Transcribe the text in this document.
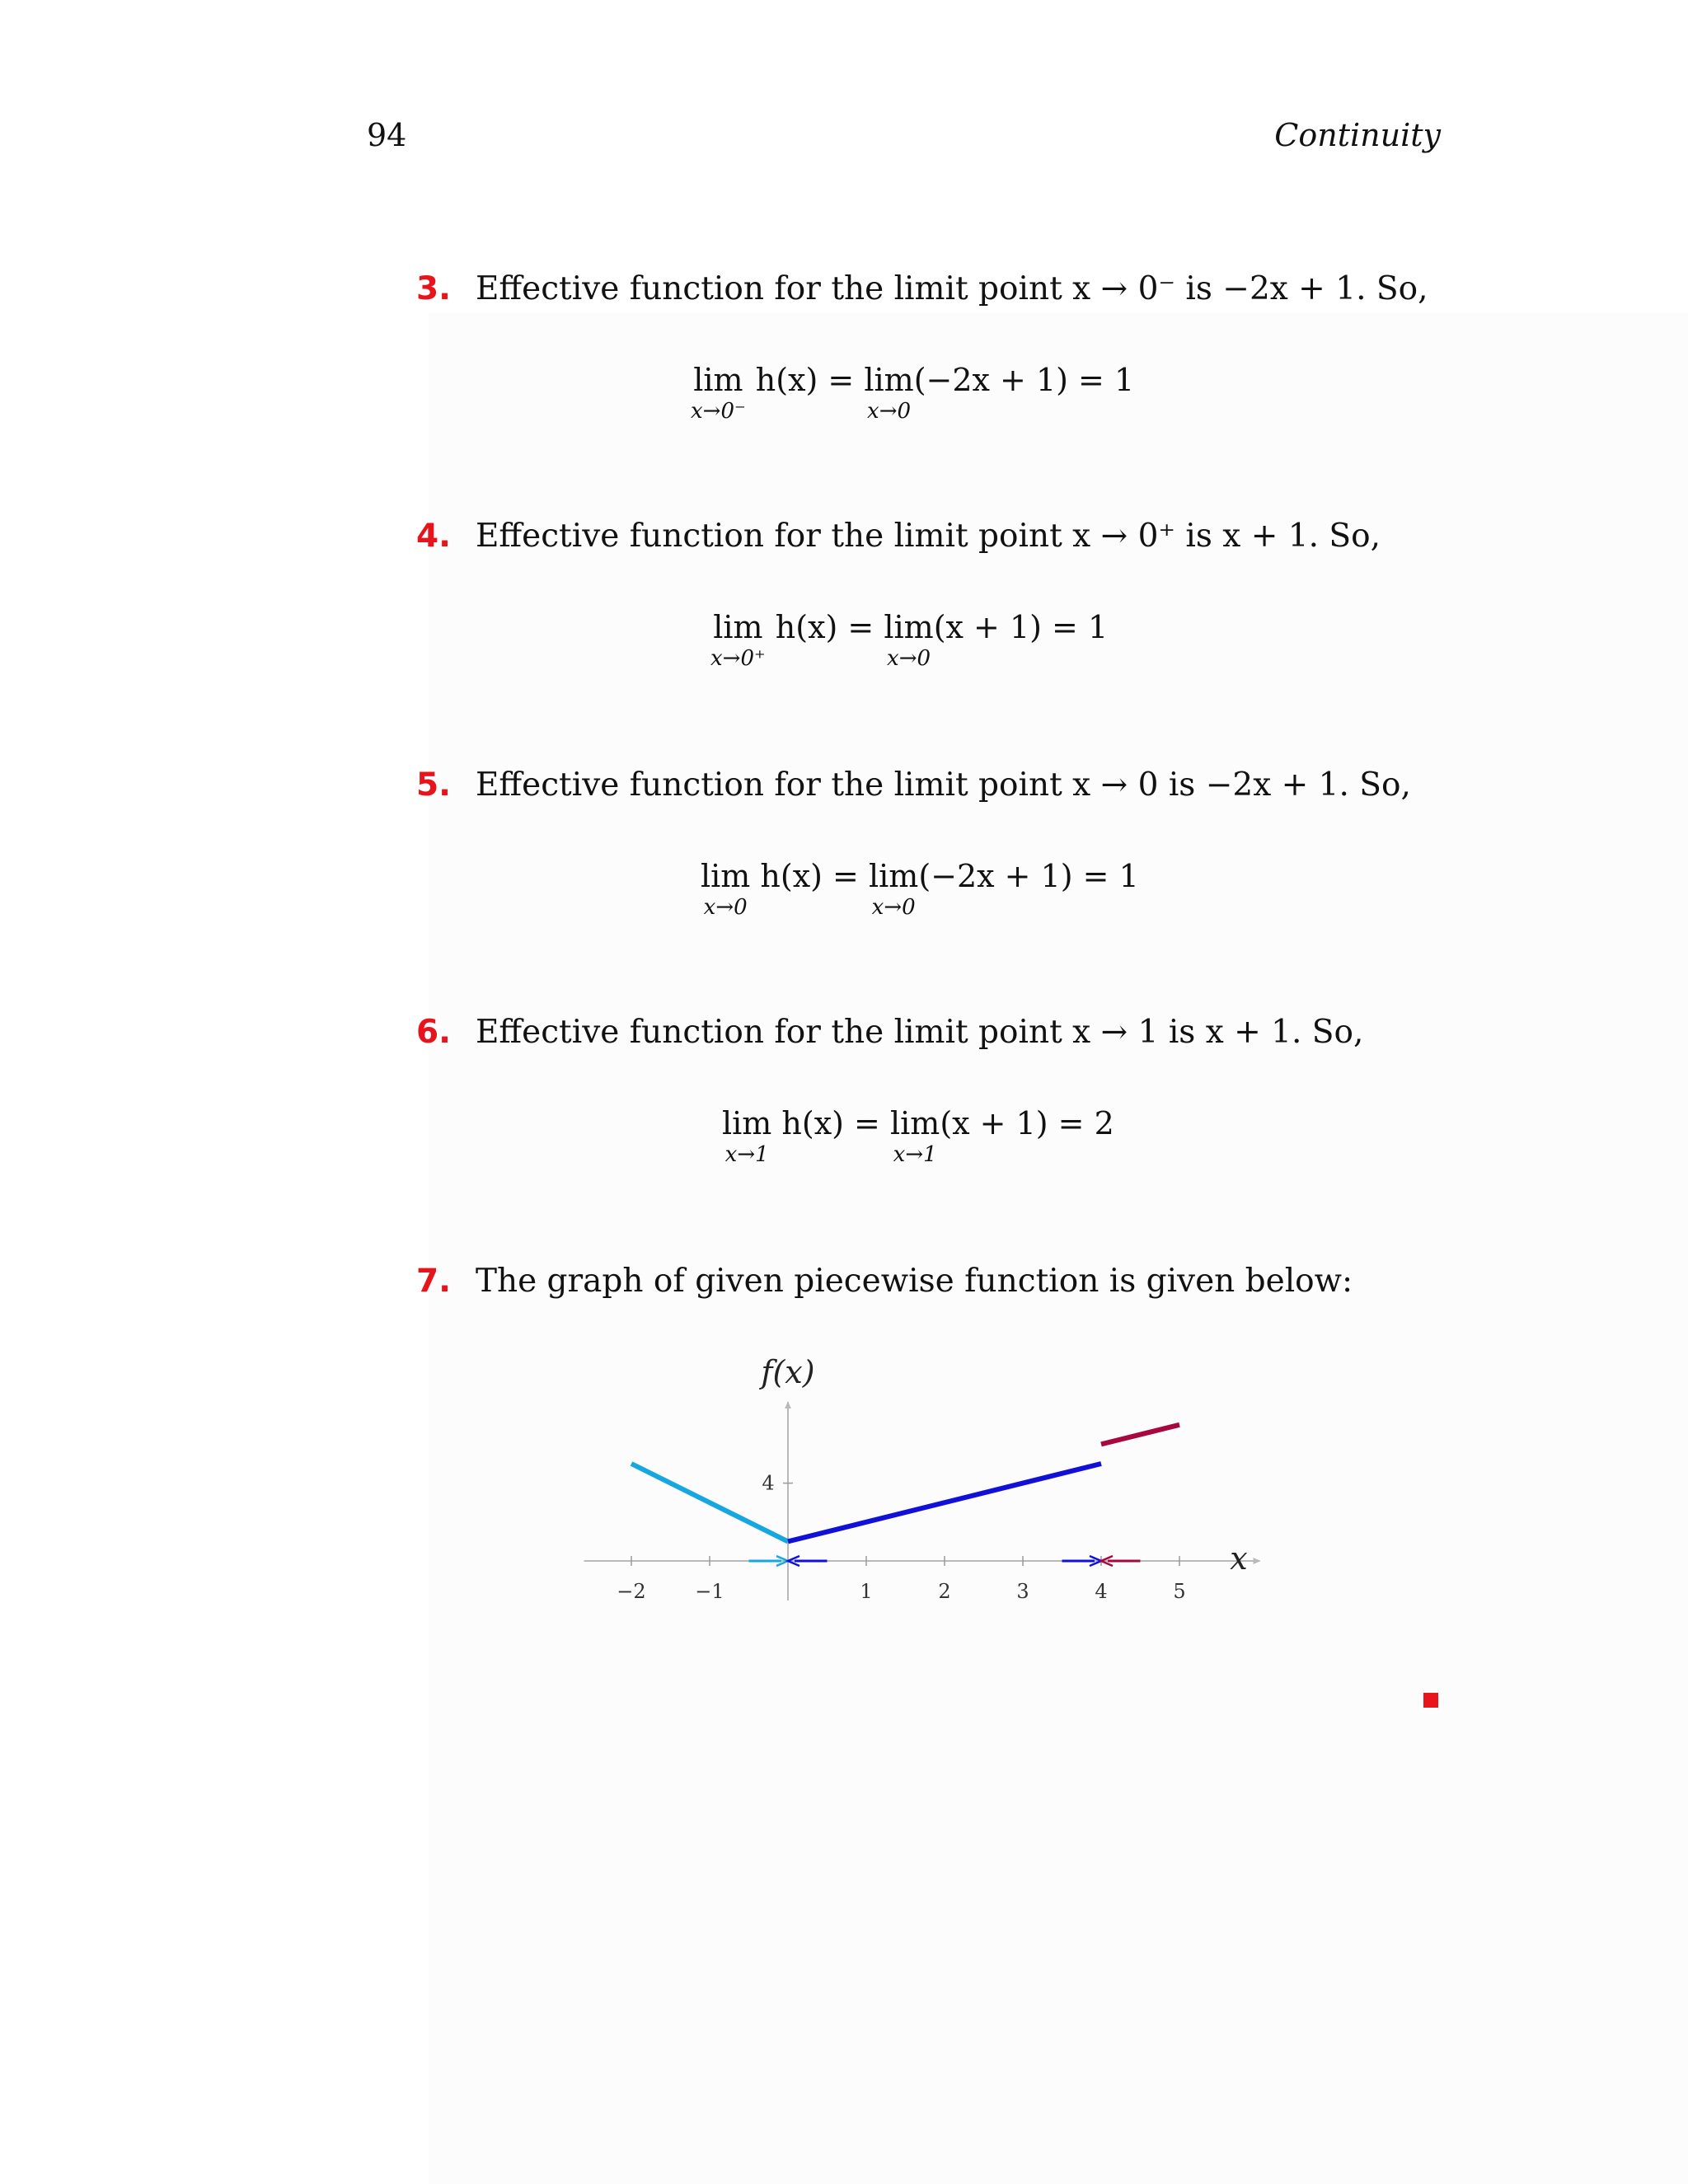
94	Continuity
3. Effective function for the limit point x → 0⁻ is −2x + 1. So,
lim
x→0⁻
h(x) = lim
x→0
(−2x + 1) = 1
4. Effective function for the limit point x → 0⁺ is x + 1. So,
lim
x→0⁺
h(x) = lim
x→0
(x + 1) = 1
5. Effective function for the limit point x → 0 is −2x + 1. So,
lim
x→0
h(x) = lim
x→0
(−2x + 1) = 1
6. Effective function for the limit point x → 1 is x + 1. So,
lim
x→1
h(x) = lim
x→1
(x + 1) = 2
7. The graph of given piecewise function is given below:
−2 −1	1	2	3	4	5
4
f(x)
x
